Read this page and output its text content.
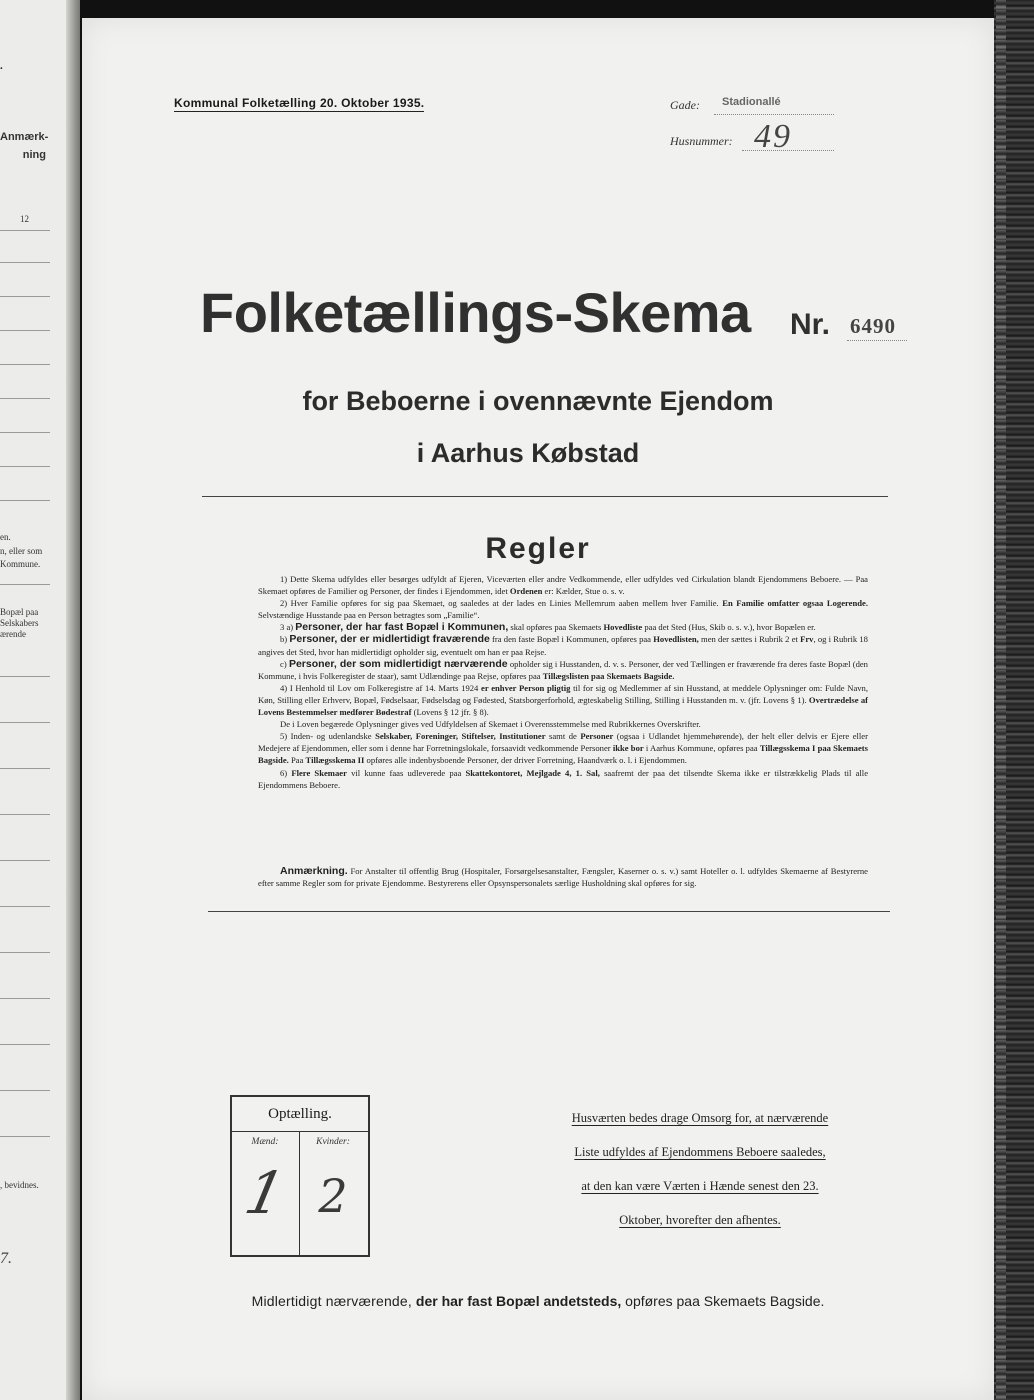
.
Anmærk-
ning
12
en.
n, eller som
Kommune.
Bopæl paa
Selskabers
ærende
, bevidnes.
7.
Kommunal Folketælling 20. Oktober 1935.	Gade: Stadionallé
Husnummer: 49
Folketællings-Skema Nr. 6490
for Beboerne i ovennævnte Ejendom
i Aarhus Købstad
Regler

1) Dette Skema udfyldes eller besørges udfyldt af Ejeren, Viceværten eller andre Vedkommende, eller udfyldes ved Cirkulation blandt Ejendommens Beboere. — Paa Skemaet opføres de Familier og Personer, der findes i Ejendommen, idet Ordenen er: Kælder, Stue o. s. v.

2) Hver Familie opføres for sig paa Skemaet, og saaledes at der lades en Linies Mellemrum aaben mellem hver Familie. En Familie omfatter ogsaa Logerende. Selvstændige Husstande paa en Person betragtes som „Familie“.

3 a) Personer, der har fast Bopæl i Kommunen, skal opføres paa Skemaets Hovedliste paa det Sted (Hus, Skib o. s. v.), hvor Bopælen er.

b) Personer, der er midlertidigt fraværende fra den faste Bopæl i Kommunen, opføres paa Hovedlisten, men der sættes i Rubrik 2 et Frv, og i Rubrik 18 angives det Sted, hvor han midlertidigt opholder sig, eventuelt om han er paa Rejse.

c) Personer, der som midlertidigt nærværende opholder sig i Husstanden, d. v. s. Personer, der ved Tællingen er fraværende fra deres faste Bopæl (den Kommune, i hvis Folkeregister de staar), samt Udlændinge paa Rejse, opføres paa Tillægslisten paa Skemaets Bagside.

4) I Henhold til Lov om Folkeregistre af 14. Marts 1924 er enhver Person pligtig til for sig og Medlemmer af sin Husstand, at meddele Oplysninger om: Fulde Navn, Køn, Stilling eller Erhverv, Bopæl, Fødselsaar, Fødselsdag og Fødested, Statsborgerforhold, ægteskabelig Stilling, Stilling i Husstanden m. v. (jfr. Lovens § 1). Overtrædelse af Lovens Bestemmelser medfører Bødestraf (Lovens § 12 jfr. § 8).

De i Loven begærede Oplysninger gives ved Udfyldelsen af Skemaet i Overensstemmelse med Rubrikkernes Overskrifter.

5) Inden- og udenlandske Selskaber, Foreninger, Stiftelser, Institutioner samt de Personer (ogsaa i Udlandet hjemmehørende), der helt eller delvis er Ejere eller Medejere af Ejendommen, eller som i denne har Forretningslokale, forsaavidt vedkommende Personer ikke bor i Aarhus Kommune, opføres paa Tillægsskema I paa Skemaets Bagside. Paa Tillægsskema II opføres alle indenbysboende Personer, der driver Forretning, Haandværk o. l. i Ejendommen.

6) Flere Skemaer vil kunne faas udleverede paa Skattekontoret, Mejlgade 4, 1. Sal, saafremt der paa det tilsendte Skema ikke er tilstrækkelig Plads til alle Ejendommens Beboere.

Anmærkning. For Anstalter til offentlig Brug (Hospitaler, Forsørgelsesanstalter, Fængsler, Kaserner o. s. v.) samt Hoteller o. l. udfyldes Skemaerne af Bestyrerne efter samme Regler som for private Ejendomme. Bestyrerens eller Opsynspersonalets særlige Husholdning skal opføres for sig.

Optælling.
Mænd:	Kvinder:
1 2
Husværten bedes drage Omsorg for, at nærværende
Liste udfyldes af Ejendommens Beboere saaledes,
at den kan være Værten i Hænde senest den 23.
Oktober, hvorefter den afhentes.
Midlertidigt nærværende, der har fast Bopæl andetsteds, opføres paa Skemaets Bagside.
